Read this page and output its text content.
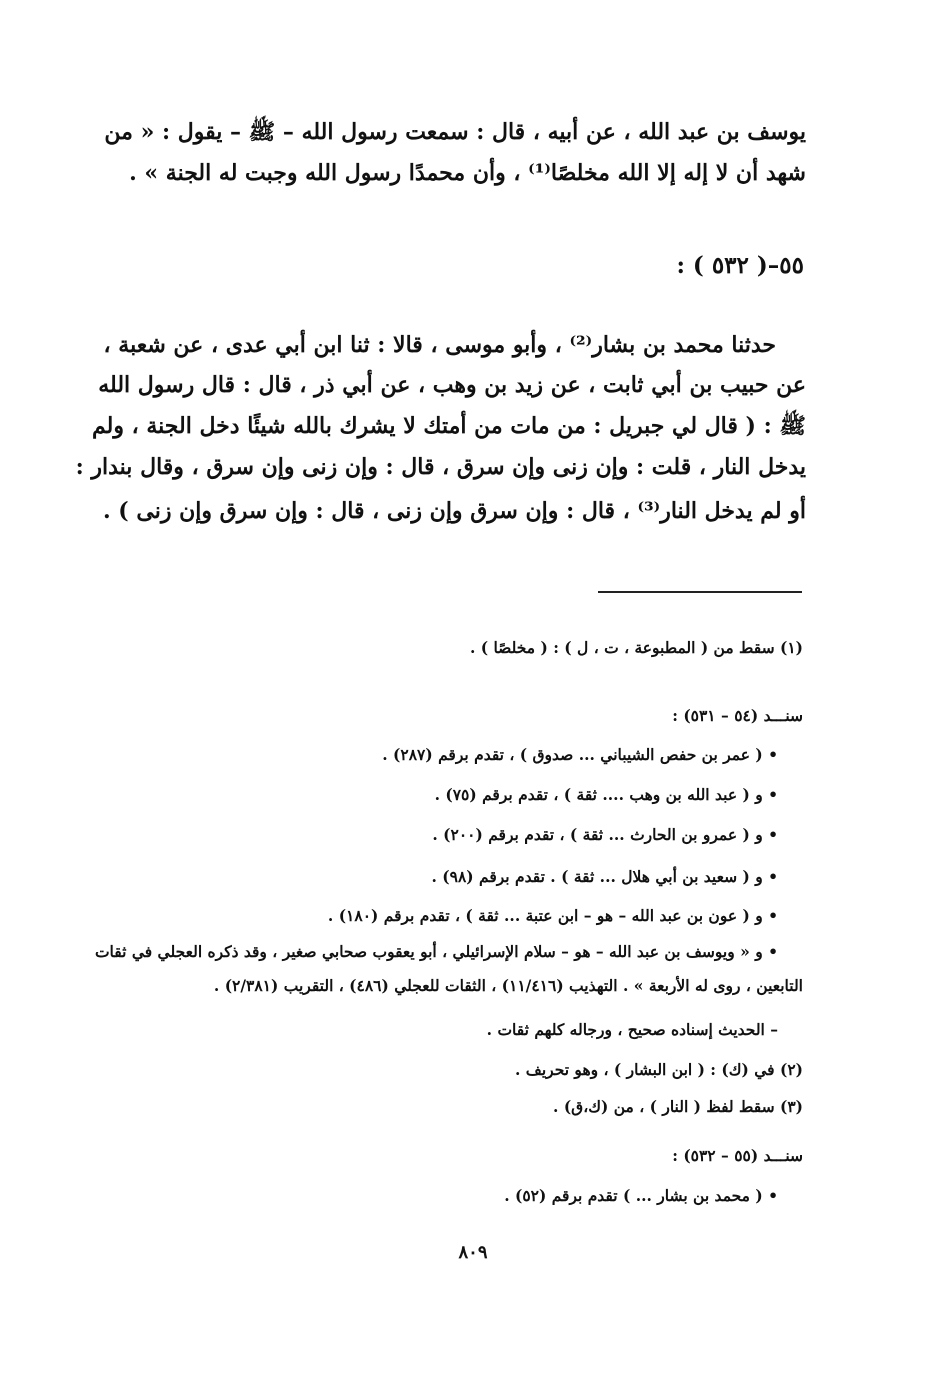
يوسف بن عبد الله ، عن أبيه ، قال : سمعت رسول الله – ﷺ – يقول : « من
شهد أن لا إله إلا الله مخلصًا⁽¹⁾ ، وأن محمدًا رسول الله وجبت له الجنة » .
٥٥–( ٥٣٢ ) :
حدثنا محمد بن بشار⁽²⁾ ، وأبو موسى ، قالا : ثنا ابن أبي عدى ، عن شعبة ،
عن حبيب بن أبي ثابت ، عن زيد بن وهب ، عن أبي ذر ، قال : قال رسول الله
ﷺ : ( قال لي جبريل : من مات من أمتك لا يشرك بالله شيئًا دخل الجنة ، ولم
يدخل النار ، قلت : وإن زنى وإن سرق ، قال : وإن زنى وإن سرق ، وقال بندار :
أو لم يدخل النار⁽³⁾ ، قال : وإن سرق وإن زنى ، قال : وإن سرق وإن زنى ) .
(١) سقط من ( المطبوعة ، ت ، ل ) : ( مخلصًا ) .
سنـــد (٥٤ – ٥٣١) :
• ( عمر بن حفص الشيباني ... صدوق ) ، تقدم برقم (٢٨٧) .
• و ( عبد الله بن وهب .... ثقة ) ، تقدم برقم (٧٥) .
• و ( عمرو بن الحارث ... ثقة ) ، تقدم برقم (٢٠٠) .
• و ( سعيد بن أبي هلال ... ثقة ) . تقدم برقم (٩٨) .
• و ( عون بن عبد الله – هو – ابن عتبة ... ثقة ) ، تقدم برقم (١٨٠) .
• و « ويوسف بن عبد الله – هو – سلام الإسرائيلي ، أبو يعقوب صحابي صغير ، وقد ذكره العجلي في ثقات
التابعين ، روى له الأربعة » . التهذيب (١١/٤١٦) ، الثقات للعجلي (٤٨٦) ، التقريب (٢/٣٨١) .
– الحديث إسناده صحيح ، ورجاله كلهم ثقات .
(٢) في (ك) : ( ابن البشار ) ، وهو تحريف .
(٣) سقط لفظ ( النار ) ، من (ك،ق) .
سنـــد (٥٥ – ٥٣٢) :
• ( محمد بن بشار ... ) تقدم برقم (٥٢) .
٨٠٩
